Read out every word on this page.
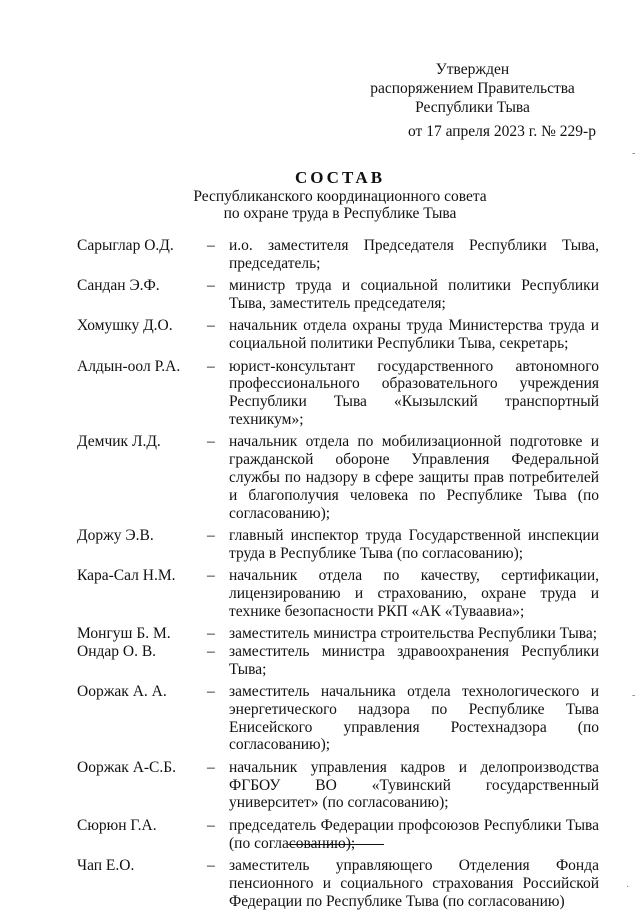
Утвержден
распоряжением Правительства
Республики Тыва
от 17 апреля 2023 г. № 229-р
СОСТАВ
Республиканского координационного совета
по охране труда в Республике Тыва
Сарыглар О.Д.	– и.о. заместителя Председателя Республики Тыва, председатель;
Сандан Э.Ф.	– министр труда и социальной политики Республики Тыва, заместитель председателя;
Хомушку Д.О.	– начальник отдела охраны труда Министерства труда и социальной политики Республики Тыва, секретарь;
Алдын-оол Р.А.	– юрист-консультант государственного автономного профессионального образовательного учреждения Республики Тыва «Кызылский транспортный техникум»;
Демчик Л.Д.	– начальник отдела по мобилизационной подготовке и гражданской обороне Управления Федеральной службы по надзору в сфере защиты прав потребителей и благополучия человека по Республике Тыва (по согласованию);
Доржу Э.В.	– главный инспектор труда Государственной инспекции труда в Республике Тыва (по согласованию);
Кара-Сал Н.М.	– начальник отдела по качеству, сертификации, лицензированию и страхованию, охране труда и технике безопасности РКП «АК «Туваавиа»;
Монгуш Б. М.	– заместитель министра строительства Республики Тыва;
Ондар О. В.	– заместитель министра здравоохранения Республики Тыва;
Ооржак А. А.	– заместитель начальника отдела технологического и энергетического надзора по Республике Тыва Енисейского управления Ростехнадзора (по согласованию);
Ооржак А-С.Б.	– начальник управления кадров и делопроизводства ФГБОУ ВО «Тувинский государственный университет» (по согласованию);
Сюрюн Г.А.	– председатель Федерации профсоюзов Республики Тыва (по согласованию);
Чап Е.О.	– заместитель управляющего Отделения Фонда пенсионного и социального страхования Российской Федерации по Республике Тыва (по согласованию)
-
-
·
